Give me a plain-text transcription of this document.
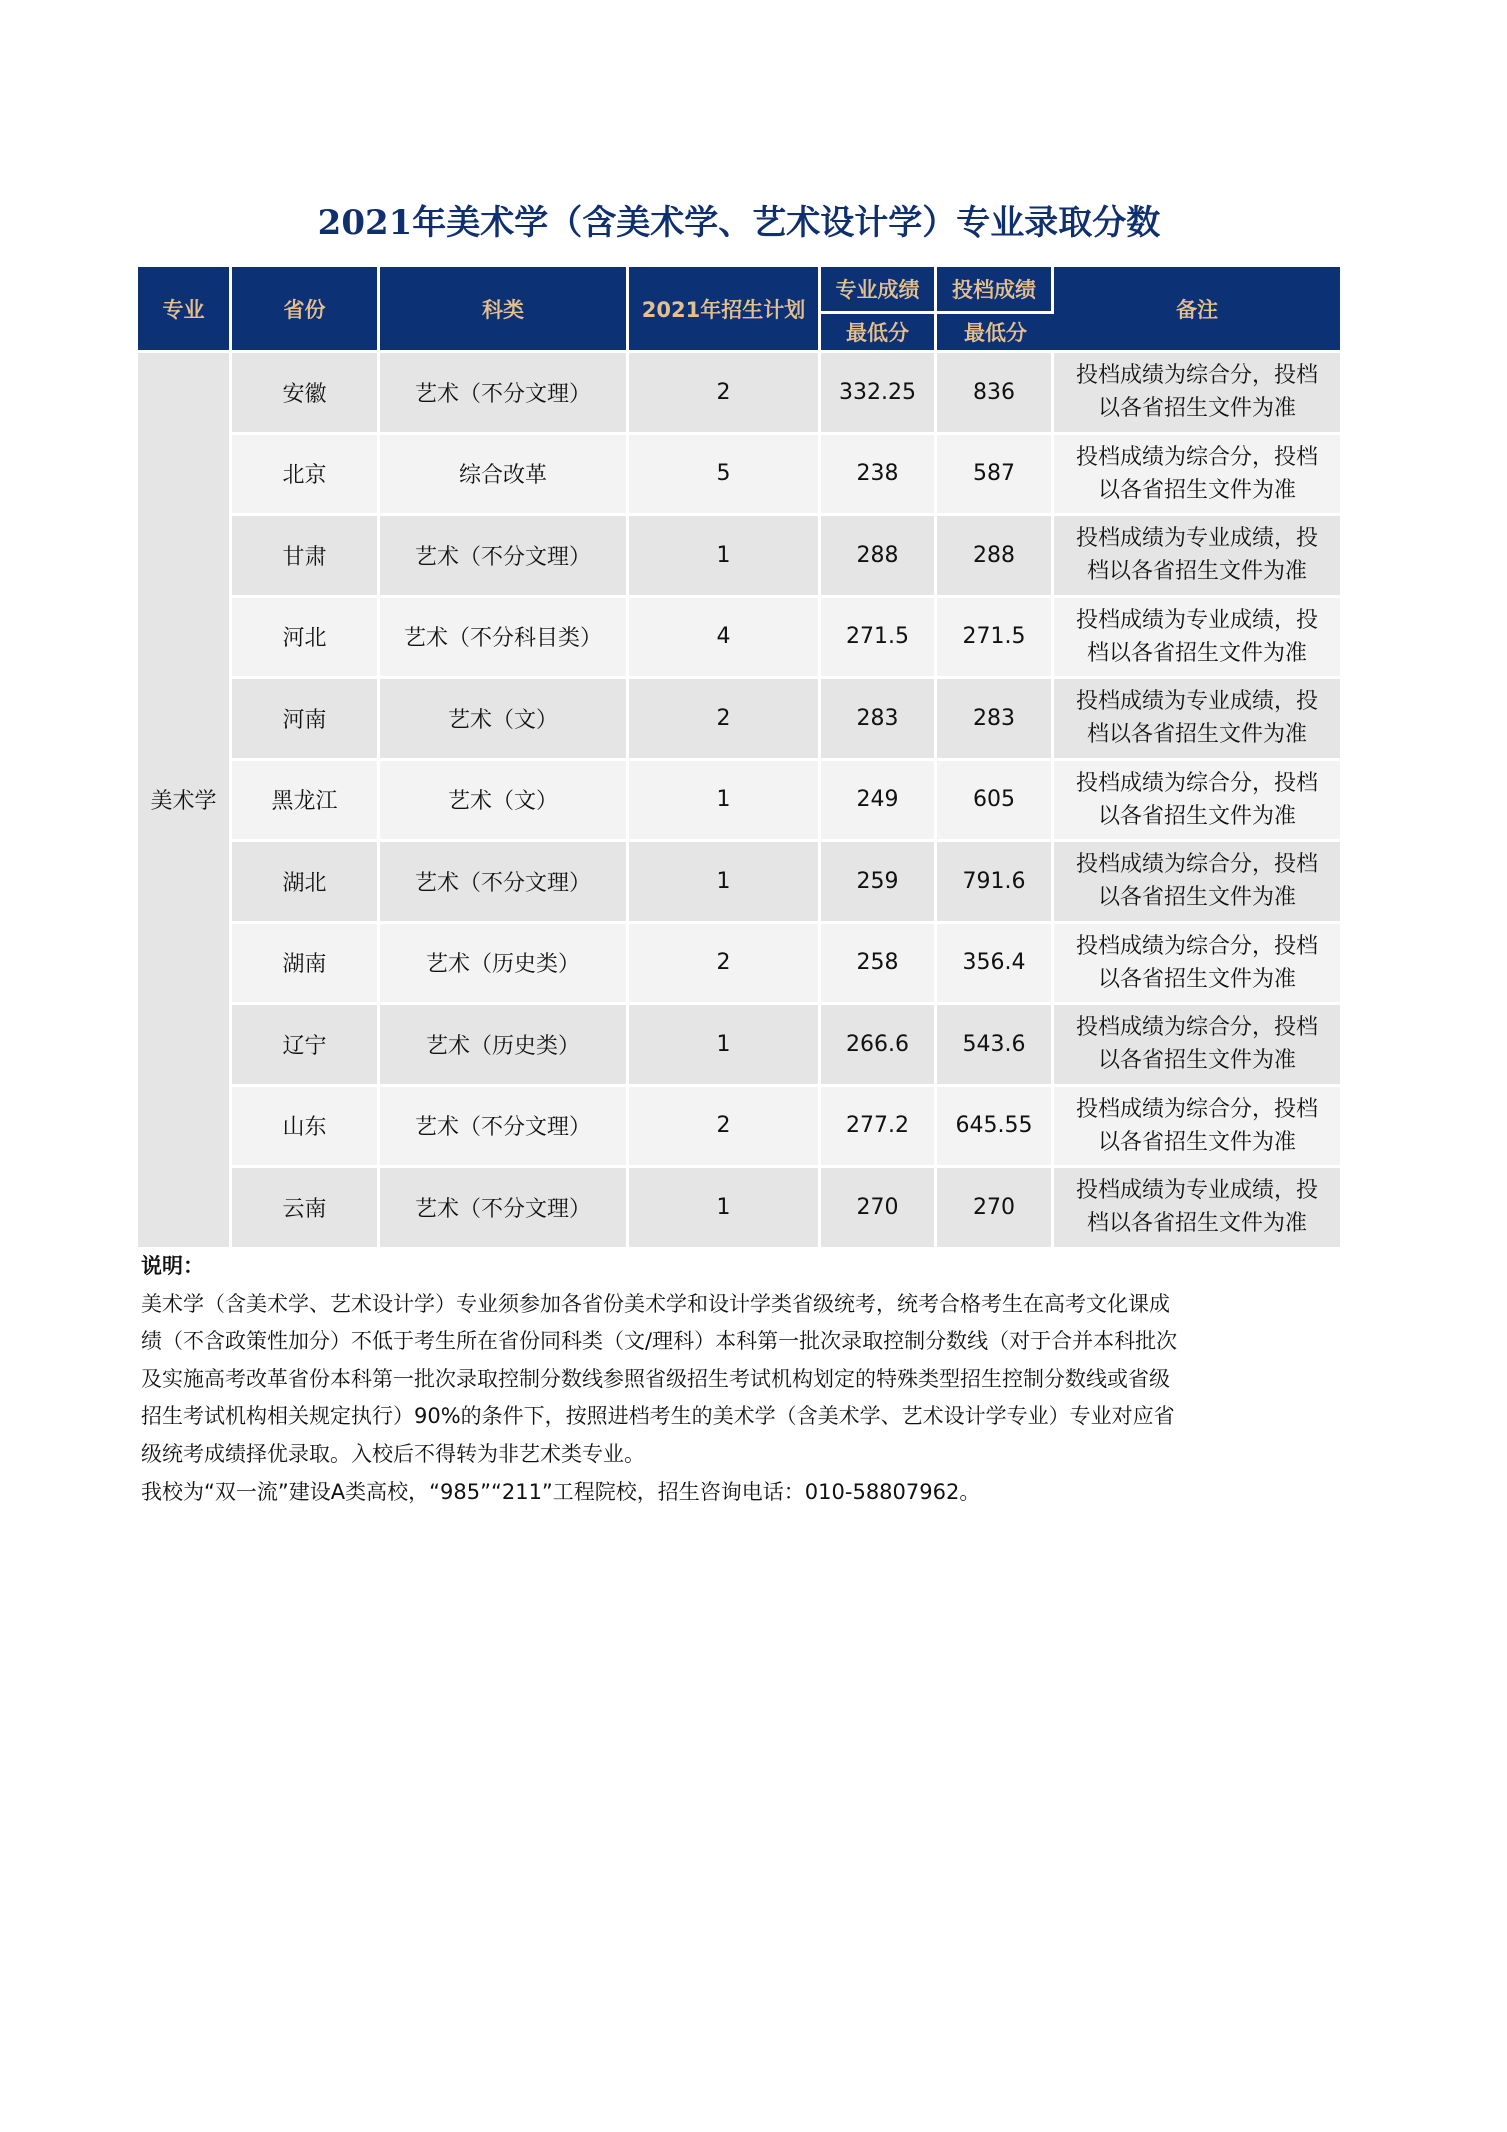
2021年美术学（含美术学、艺术设计学）专业录取分数
专业	省份	科类	2021年招生计划	专业成绩	投档成绩	备注
				最低分	最低分	
美术学	安徽	艺术（不分文理）	2	332.25	836	投档成绩为综合分，投档
以各省招生文件为准

	北京	综合改革	5	238	587	投档成绩为综合分，投档
以各省招生文件为准

	甘肃	艺术（不分文理）	1	288	288	投档成绩为专业成绩，投
档以各省招生文件为准

	河北	艺术（不分科目类）	4	271.5	271.5	投档成绩为专业成绩，投
档以各省招生文件为准

	河南	艺术（文）	2	283	283	投档成绩为专业成绩，投
档以各省招生文件为准

	黑龙江	艺术（文）	1	249	605	投档成绩为综合分，投档
以各省招生文件为准

	湖北	艺术（不分文理）	1	259	791.6	投档成绩为综合分，投档
以各省招生文件为准

	湖南	艺术（历史类）	2	258	356.4	投档成绩为综合分，投档
以各省招生文件为准

	辽宁	艺术（历史类）	1	266.6	543.6	投档成绩为综合分，投档
以各省招生文件为准

	山东	艺术（不分文理）	2	277.2	645.55	投档成绩为综合分，投档
以各省招生文件为准

	云南	艺术（不分文理）	1	270	270	投档成绩为专业成绩，投
档以各省招生文件为准

说明：

美术学（含美术学、艺术设计学）专业须参加各省份美术学和设计学类省级统考，统考合格考生在高考文化课成

绩（不含政策性加分）不低于考生所在省份同科类（文/理科）本科第一批次录取控制分数线（对于合并本科批次

及实施高考改革省份本科第一批次录取控制分数线参照省级招生考试机构划定的特殊类型招生控制分数线或省级

招生考试机构相关规定执行）90%的条件下，按照进档考生的美术学（含美术学、艺术设计学专业）专业对应省

级统考成绩择优录取。入校后不得转为非艺术类专业。

我校为“双一流”建设A类高校，“985”“211”工程院校，招生咨询电话：010-58807962。
